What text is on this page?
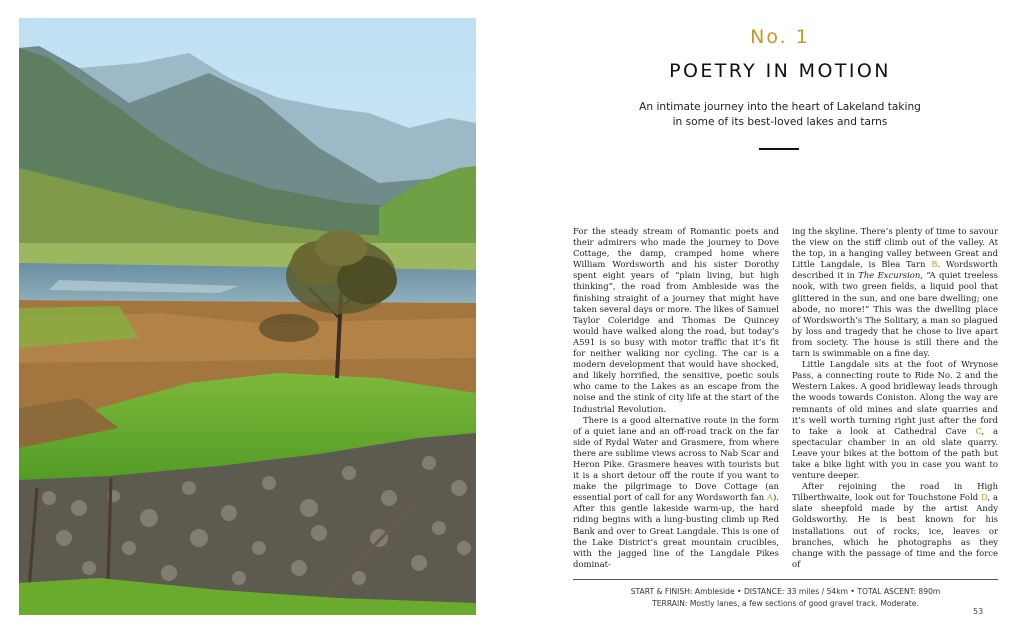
No. 1
POETRY IN MOTION
An intimate journey into the heart of Lakeland taking
in some of its best-loved lakes and tarns

For the steady stream of Romantic poets and their admirers who made the journey to Dove Cottage, the damp, cramped home where William Wordsworth and his sister Dorothy spent eight years of “plain living, but high thinking”, the road from Ambleside was the finishing straight of a journey that might have taken several days or more. The likes of Samuel Taylor Coleridge and Thomas De Quincey would have walked along the road, but today’s A591 is so busy with motor traffic that it’s fit for neither walking nor cycling. The car is a modern development that would have shocked, and likely horrified, the sensitive, poetic souls who came to the Lakes as an escape from the noise and the stink of city life at the start of the Industrial Revolution.

There is a good alternative route in the form of a quiet lane and an off-road track on the far side of Rydal Water and Grasmere, from where there are sublime views across to Nab Scar and Heron Pike. Grasmere heaves with tourists but it is a short detour off the route if you want to make the pilgrimage to Dove Cottage (an essential port of call for any Wordsworth fan A). After this gentle lakeside warm-up, the hard riding begins with a lung-busting climb up Red Bank and over to Great Langdale. This is one of the Lake District’s great mountain crucibles, with the jagged line of the Langdale Pikes dominat-

ing the skyline. There’s plenty of time to savour the view on the stiff climb out of the valley. At the top, in a hanging valley between Great and Little Langdale, is Blea Tarn B. Wordsworth described it in The Excursion, “A quiet treeless nook, with two green fields, a liquid pool that glittered in the sun, and one bare dwelling; one abode, no more!” This was the dwelling place of Wordsworth’s The Solitary, a man so plagued by loss and tragedy that he chose to live apart from society. The house is still there and the tarn is swimmable on a fine day.

Little Langdale sits at the foot of Wrynose Pass, a connecting route to Ride No. 2 and the Western Lakes. A good bridleway leads through the woods towards Coniston. Along the way are remnants of old mines and slate quarries and it’s well worth turning right just after the ford to take a look at Cathedral Cave C, a spectacular chamber in an old slate quarry. Leave your bikes at the bottom of the path but take a bike light with you in case you want to venture deeper.

After rejoining the road in High Tilberthwaite, look out for Touchstone Fold D, a slate sheepfold made by the artist Andy Goldsworthy. He is best known for his installations out of rocks, ice, leaves or branches, which he photographs as they change with the passage of time and the force of

START & FINISH: Ambleside • DISTANCE: 33 miles / 54km • TOTAL ASCENT: 890m
TERRAIN: Mostly lanes, a few sections of good gravel track. Moderate.
53
